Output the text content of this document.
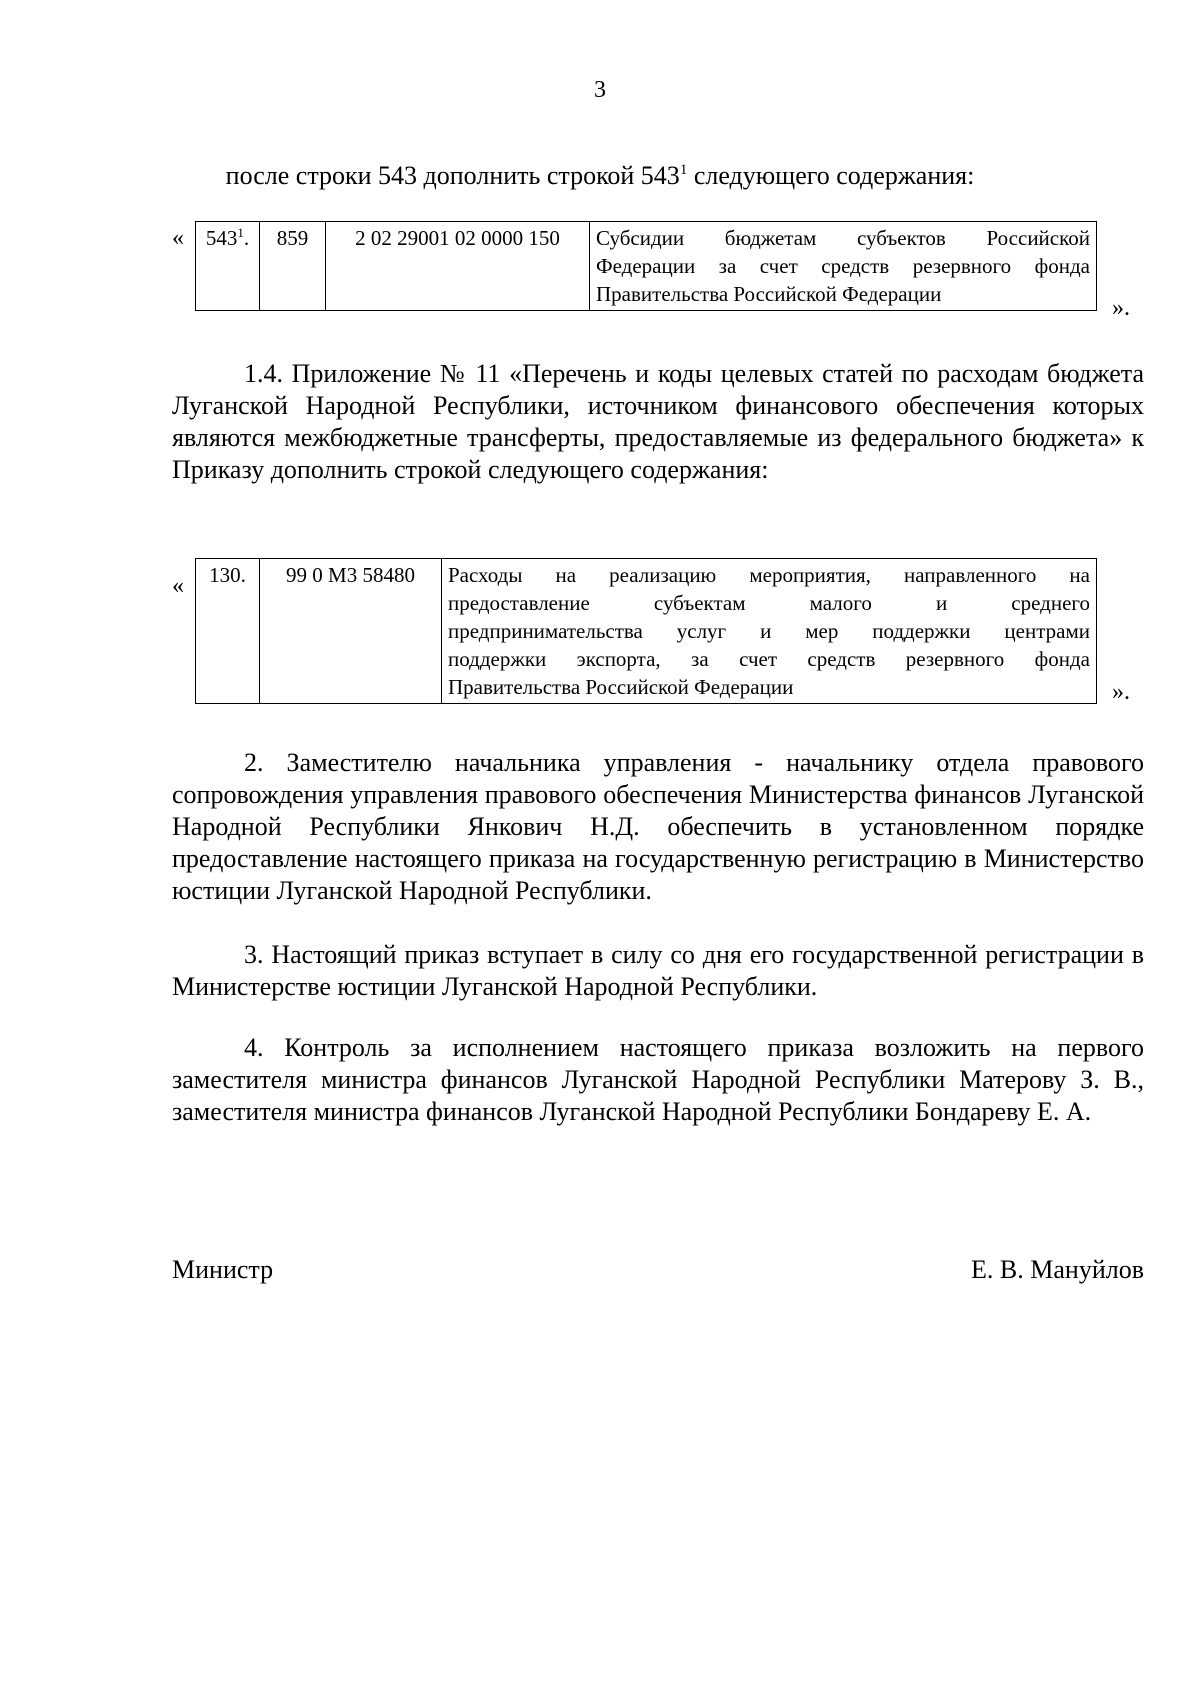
3
после строки 543 дополнить строкой $543^1$ следующего содержания:
« $543^1$.	859	2 02 29001 02 0000 150	Субсидии бюджетам субъектов Российской
Федерации за счет средств резервного фонда
Правительства Российской Федерации
».
1.4. Приложение № 11 «Перечень и коды целевых статей по расходам бюджета Луганской Народной Республики, источником финансового обеспечения которых являются межбюджетные трансферты, предоставляемые из федерального бюджета» к Приказу дополнить строкой следующего содержания:
« 130.	99 0 М3 58480	Расходы на реализацию мероприятия, направленного на
предоставление субъектам малого и среднего
предпринимательства услуг и мер поддержки центрами
поддержки экспорта, за счет средств резервного фонда
Правительства Российской Федерации	».
2. Заместителю начальника управления - начальнику отдела правового сопровождения управления правового обеспечения Министерства финансов Луганской Народной Республики Янкович Н.Д. обеспечить в установленном порядке предоставление настоящего приказа на государственную регистрацию в Министерство юстиции Луганской Народной Республики.
3. Настоящий приказ вступает в силу со дня его государственной регистрации в Министерстве юстиции Луганской Народной Республики.
4. Контроль за исполнением настоящего приказа возложить на первого заместителя министра финансов Луганской Народной Республики Матерову З. В., заместителя министра финансов Луганской Народной Республики Бондареву Е. А.
Министр	Е. В. Мануйлов
